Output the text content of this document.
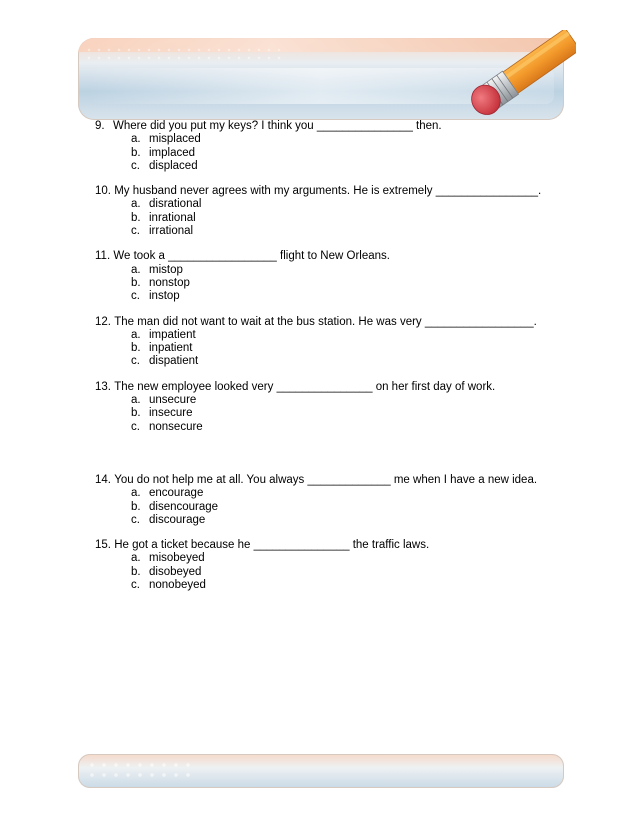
9. Where did you put my keys? I think you _______________ then.
a. misplaced
b. implaced
c. displaced
10.
My husband never agrees with my arguments. He is extremely ________________.
a. disrational
b. inrational
c. irrational
11.
We took a _________________ flight to New Orleans.
a. mistop
b. nonstop
c. instop
12.
The man did not want to wait at the bus station. He was very _________________.
a. impatient
b. inpatient
c. dispatient
13.
The new employee looked very _______________ on her first day of work.
a. unsecure
b. insecure
c. nonsecure
14.
You do not help me at all. You always _____________ me when I have a new idea.
a. encourage
b. disencourage
c. discourage
15.
He got a ticket because he _______________ the traffic laws.
a. misobeyed
b. disobeyed
c. nonobeyed
